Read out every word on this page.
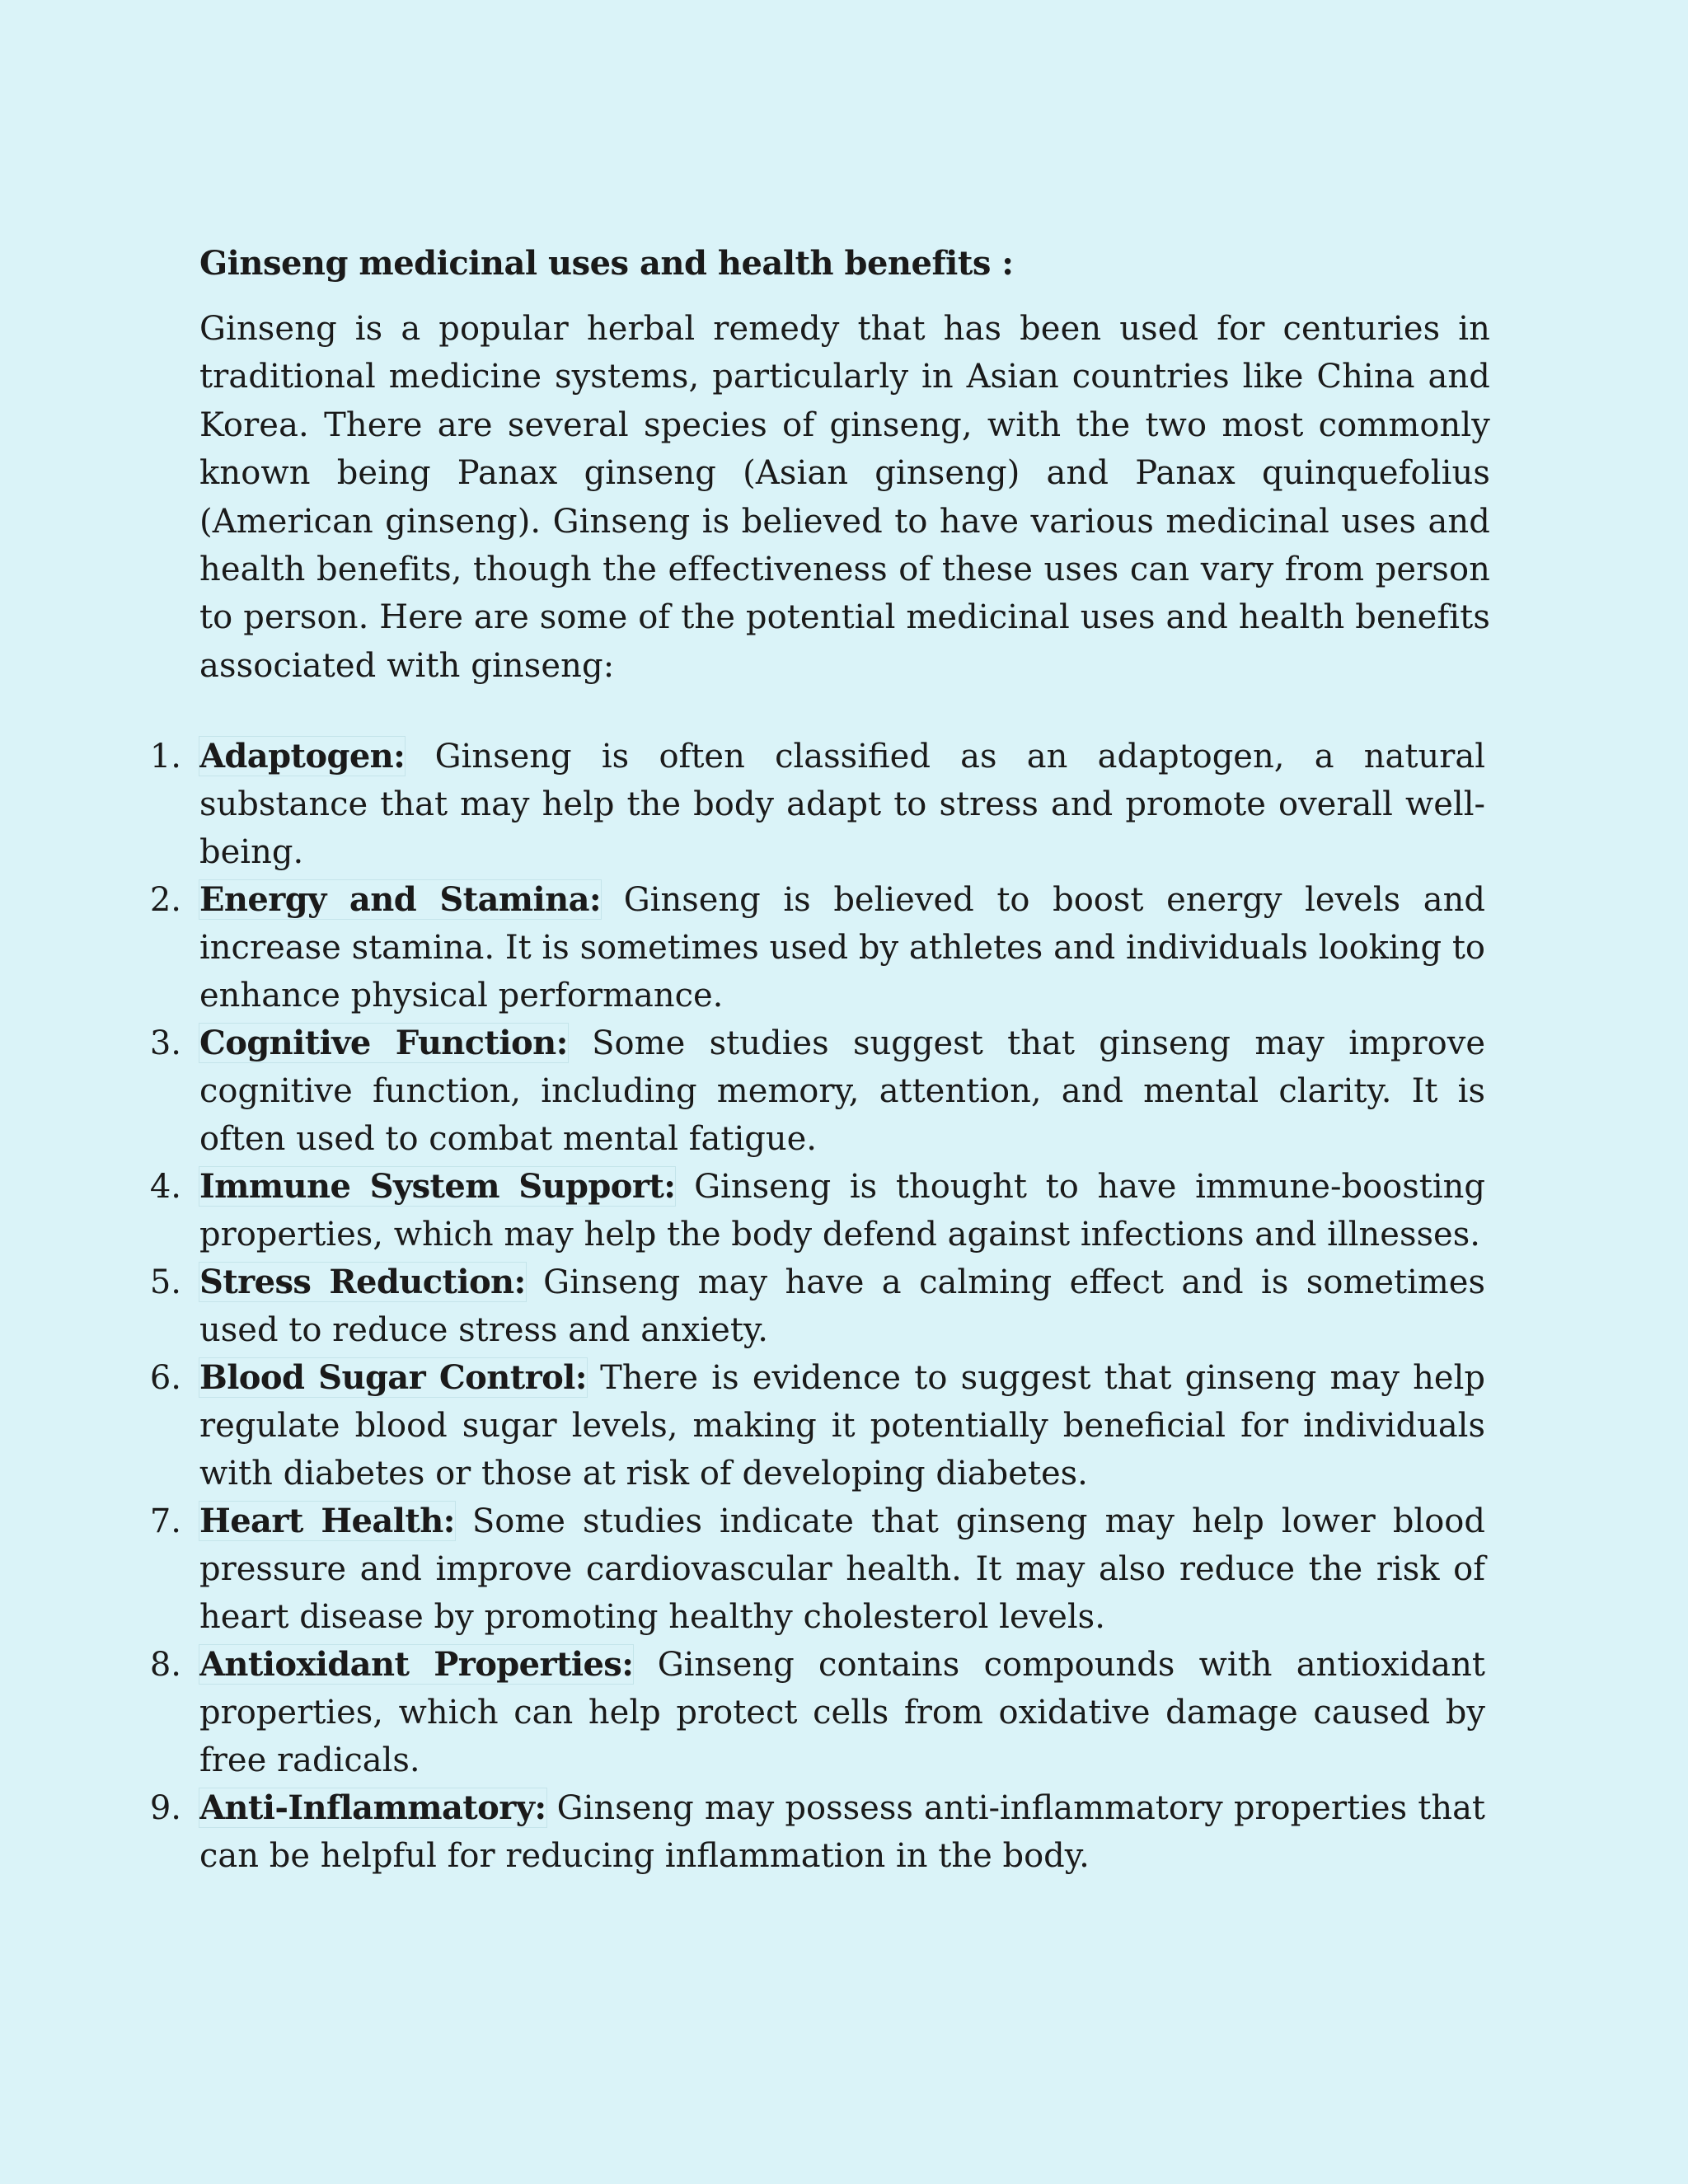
Ginseng medicinal uses and health benefits :

Ginseng is a popular herbal remedy that has been used for centuries in traditional medicine systems, particularly in Asian countries like China and Korea. There are several species of ginseng, with the two most commonly known being Panax ginseng (Asian ginseng) and Panax quinquefolius (American ginseng). Ginseng is believed to have various medicinal uses and health benefits, though the effectiveness of these uses can vary from person to person. Here are some of the potential medicinal uses and health benefits associated with ginseng:

1. Adaptogen: Ginseng is often classified as an adaptogen, a natural substance that may help the body adapt to stress and promote overall well-being.
2. Energy and Stamina: Ginseng is believed to boost energy levels and increase stamina. It is sometimes used by athletes and individuals looking to enhance physical performance.
3. Cognitive Function: Some studies suggest that ginseng may improve cognitive function, including memory, attention, and mental clarity. It is often used to combat mental fatigue.
4. Immune System Support: Ginseng is thought to have immune-boosting properties, which may help the body defend against infections and illnesses.
5. Stress Reduction: Ginseng may have a calming effect and is sometimes used to reduce stress and anxiety.
6. Blood Sugar Control: There is evidence to suggest that ginseng may help regulate blood sugar levels, making it potentially beneficial for individuals with diabetes or those at risk of developing diabetes.
7. Heart Health: Some studies indicate that ginseng may help lower blood pressure and improve cardiovascular health. It may also reduce the risk of heart disease by promoting healthy cholesterol levels.
8. Antioxidant Properties: Ginseng contains compounds with antioxidant properties, which can help protect cells from oxidative damage caused by free radicals.
9. Anti-Inflammatory: Ginseng may possess anti-inflammatory properties that can be helpful for reducing inflammation in the body.
